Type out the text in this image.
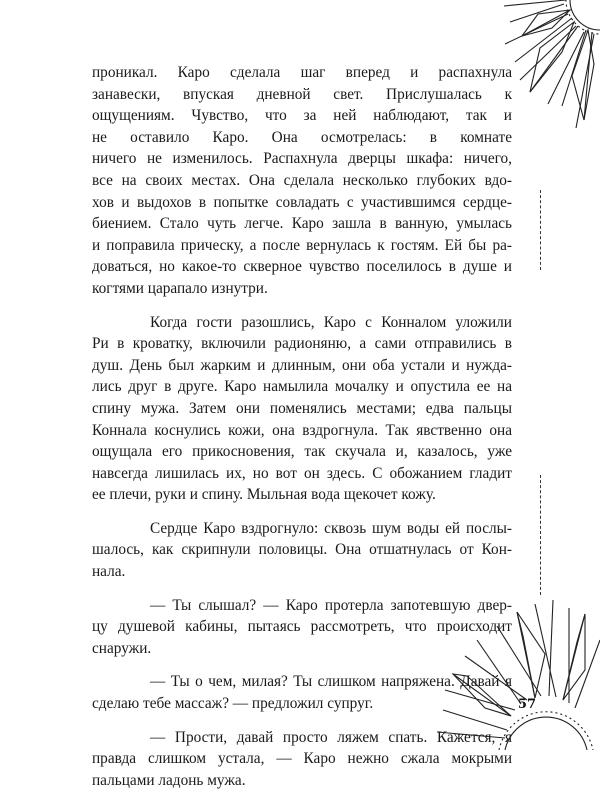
проникал. Каро сделала шаг вперед и распахнула
занавески, впуская дневной свет. Прислушалась к
ощущениям. Чувство, что за ней наблюдают, так и
не оставило Каро. Она осмотрелась: в комнате
ничего не изменилось. Распахнула дверцы шкафа: ничего,
все на своих местах. Она сделала несколько глубоких вдо-
хов и выдохов в попытке совладать с участившимся сердце-
биением. Стало чуть легче. Каро зашла в ванную, умылась
и поправила прическу, а после вернулась к гостям. Ей бы ра-
доваться, но какое-то скверное чувство поселилось в душе и
когтями царапало изнутри.
Когда гости разошлись, Каро с Конналом уложили
Ри в кроватку, включили радионяню, а сами отправились в
душ. День был жарким и длинным, они оба устали и нужда-
лись друг в друге. Каро намылила мочалку и опустила ее на
спину мужа. Затем они поменялись местами; едва пальцы
Коннала коснулись кожи, она вздрогнула. Так явственно она
ощущала его прикосновения, так скучала и, казалось, уже
навсегда лишилась их, но вот он здесь. С обожанием гладит
ее плечи, руки и спину. Мыльная вода щекочет кожу.
Сердце Каро вздрогнуло: сквозь шум воды ей послы-
шалось, как скрипнули половицы. Она отшатнулась от Кон-
нала.
— Ты слышал? — Каро протерла запотевшую двер-
цу душевой кабины, пытаясь рассмотреть, что происходит
снаружи.
— Ты о чем, милая? Ты слишком напряжена. Давай я
сделаю тебе массаж? — предложил супруг.
— Прости, давай просто ляжем спать. Кажется, я
правда слишком устала, — Каро нежно сжала мокрыми
пальцами ладонь мужа.
57
